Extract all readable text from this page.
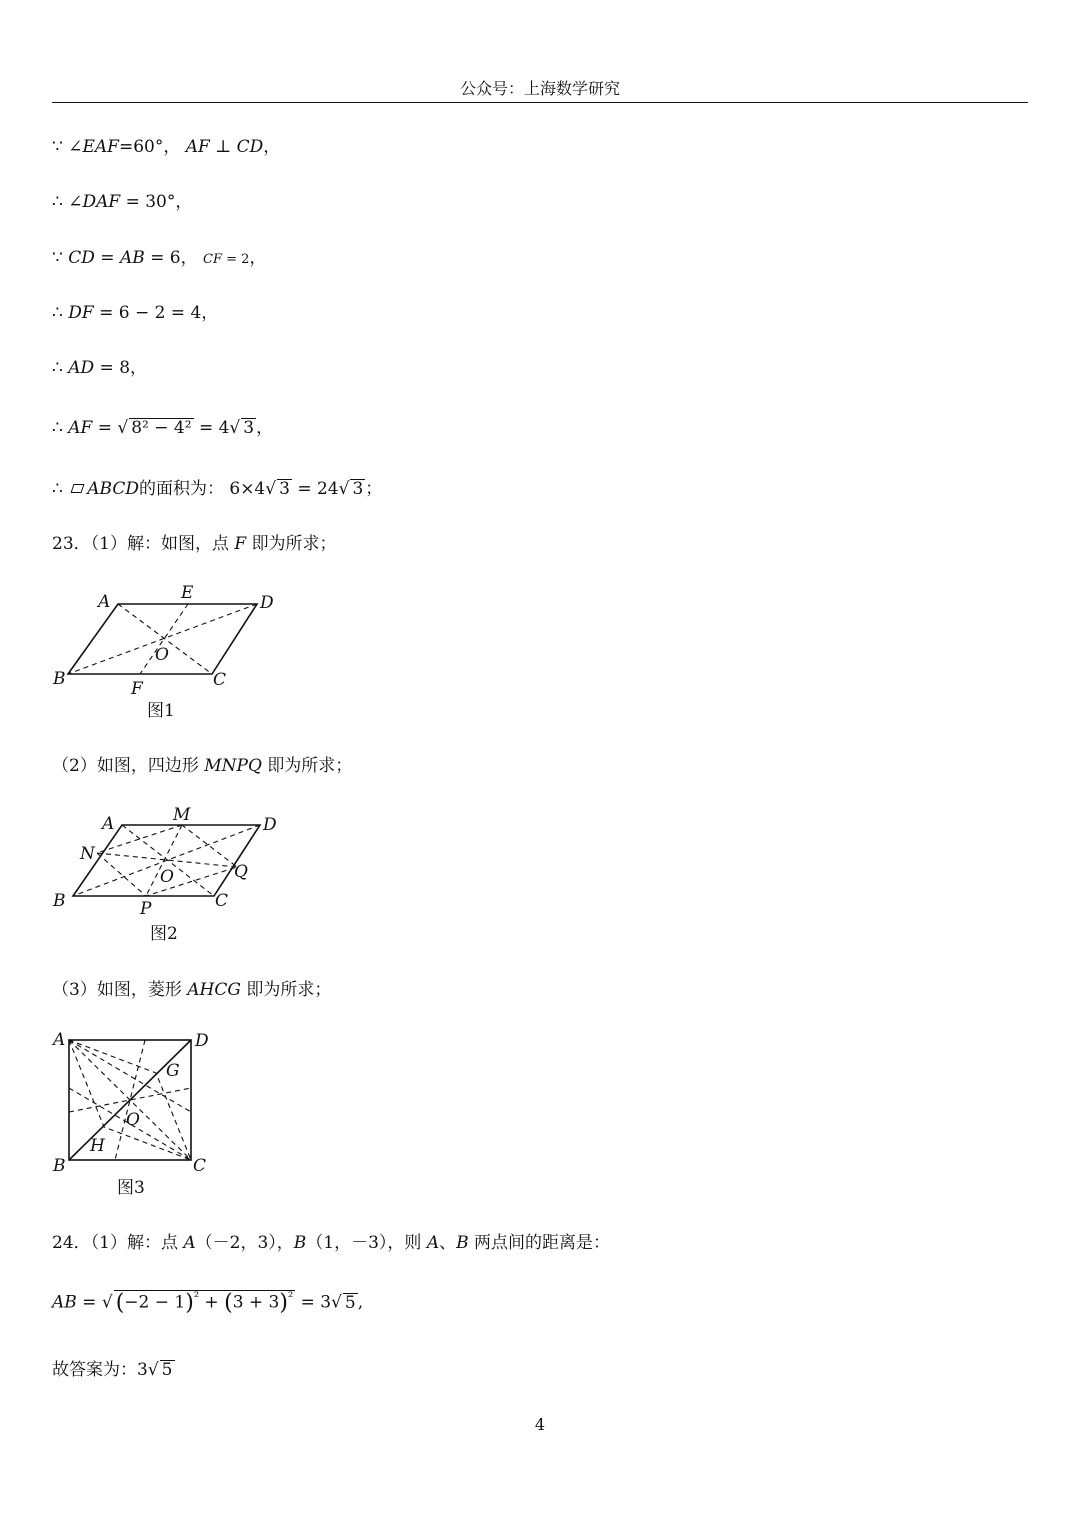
公众号：上海数学研究
∵ ∠EAF=60°， AF ⊥ CD，
∴ ∠DAF = 30°，
∵ CD = AB = 6， CF = 2，
∴ DF = 6 − 2 = 4，
∴ AD = 8，
∴ AF = √ 8² − 4² = 4√ 3 ，
∴ ABCD的面积为： 6×4√ 3 = 24√ 3 ；
23．（1）解：如图，点 F 即为所求；
A	E	D
O
B	F	C
图1
A	M	D
N
O	Q
B	P	C
图2
A	D
G
O
H
B	C
图3
（2）如图，四边形 MNPQ 即为所求；
（3）如图，菱形 AHCG 即为所求；
24．（1）解：点 A（－2，3），B（1，－3），则 A、B 两点间的距离是：
AB = √ $(-2 - 1)^{^2} + (3 + 3)^{^2} = 3√$ 5 ,
故答案为：3√ 5
4
